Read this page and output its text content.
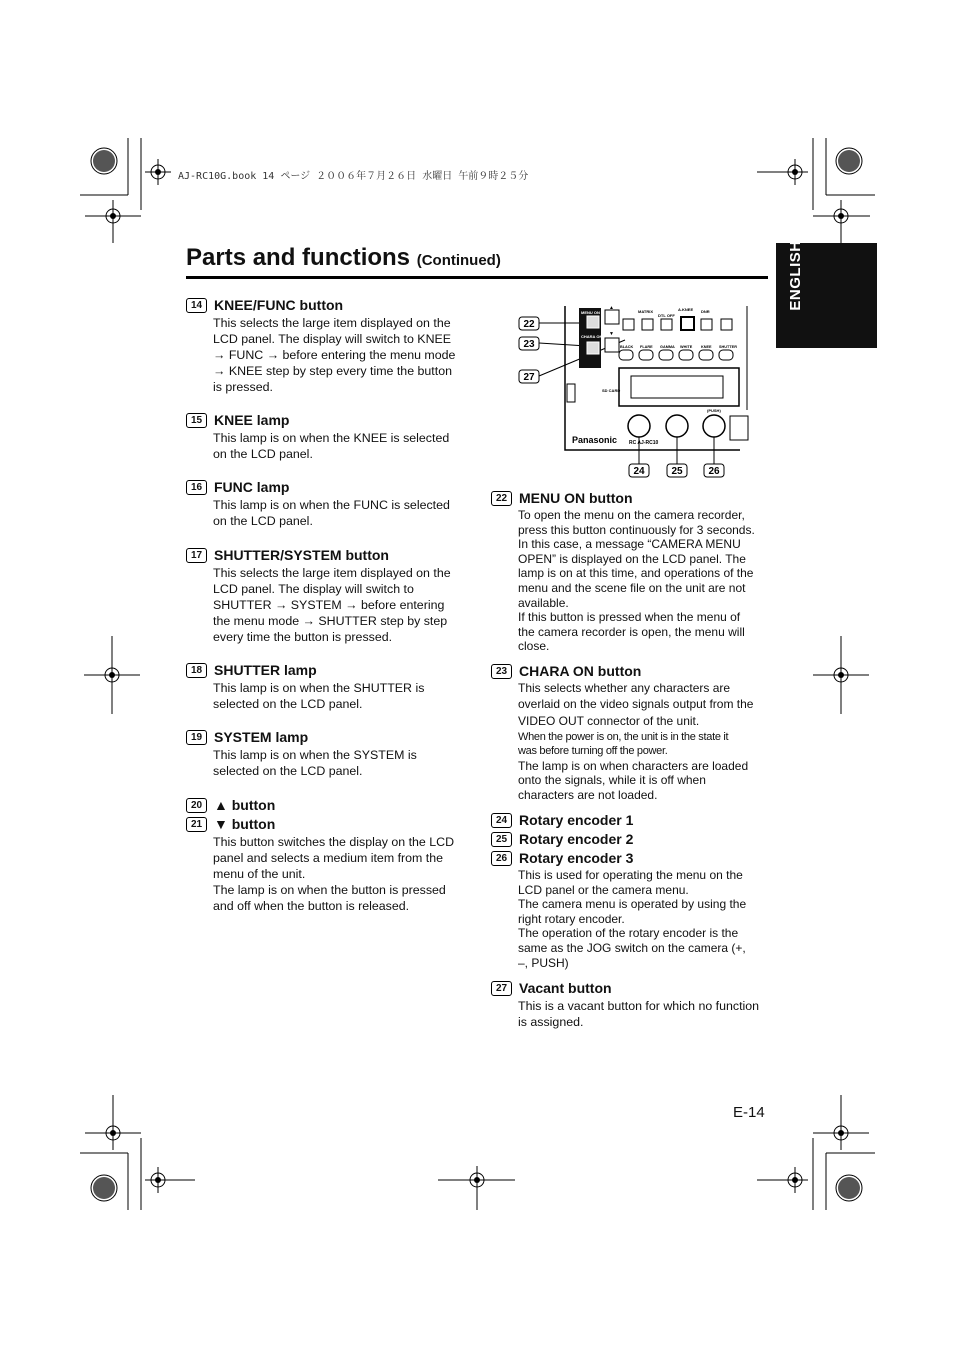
AJ-RC10G.book 14 ページ ２００６年７月２６日 水曜日 午前９時２５分
Parts and functions (Continued)	ENGLISH
14 KNEE/FUNC button
This selects the large item displayed on the
LCD panel. The display will switch to KNEE
→ FUNC → before entering the menu mode
→ KNEE step by step every time the button
is pressed.
15 KNEE lamp
This lamp is on when the KNEE is selected
on the LCD panel.
16 FUNC lamp
This lamp is on when the FUNC is selected
on the LCD panel.
17 SHUTTER/SYSTEM button
This selects the large item displayed on the
LCD panel. The display will switch to
SHUTTER → SYSTEM → before entering
the menu mode → SHUTTER step by step
every time the button is pressed.
18 SHUTTER lamp
This lamp is on when the SHUTTER is
selected on the LCD panel.
19 SYSTEM lamp
This lamp is on when the SYSTEM is
selected on the LCD panel.
20 ▲ button
21 ▼ button
This button switches the display on the LCD
panel and selects a medium item from the
menu of the unit.
The lamp is on when the button is pressed
and off when the button is released.
22
23
27
MENU ON
CHARA ON
▲
▼
MATRIX	A.KNEE DNR
DTL OFF
BLACK FLARE GAMMA WHITE KNEE SHUTTER
SD CARD
(PUSH)
Panasonic RC AJ-RC10
24	25	26
22 MENU ON button
To open the menu on the camera recorder,
press this button continuously for 3 seconds.
In this case, a message “CAMERA MENU
OPEN” is displayed on the LCD panel. The
lamp is on at this time, and operations of the
menu and the scene file on the unit are not
available.
If this button is pressed when the menu of
the camera recorder is open, the menu will
close.
23 CHARA ON button
This selects whether any characters are
overlaid on the video signals output from the
VIDEO OUT connector of the unit.
When the power is on, the unit is in the state it
was before turning off the power.
The lamp is on when characters are loaded
onto the signals, while it is off when
characters are not loaded.
24 Rotary encoder 1
25 Rotary encoder 2
26 Rotary encoder 3
This is used for operating the menu on the
LCD panel or the camera menu.
The camera menu is operated by using the
right rotary encoder.
The operation of the rotary encoder is the
same as the JOG switch on the camera (+,
–, PUSH)
27 Vacant button
This is a vacant button for which no function
is assigned.
E-14
